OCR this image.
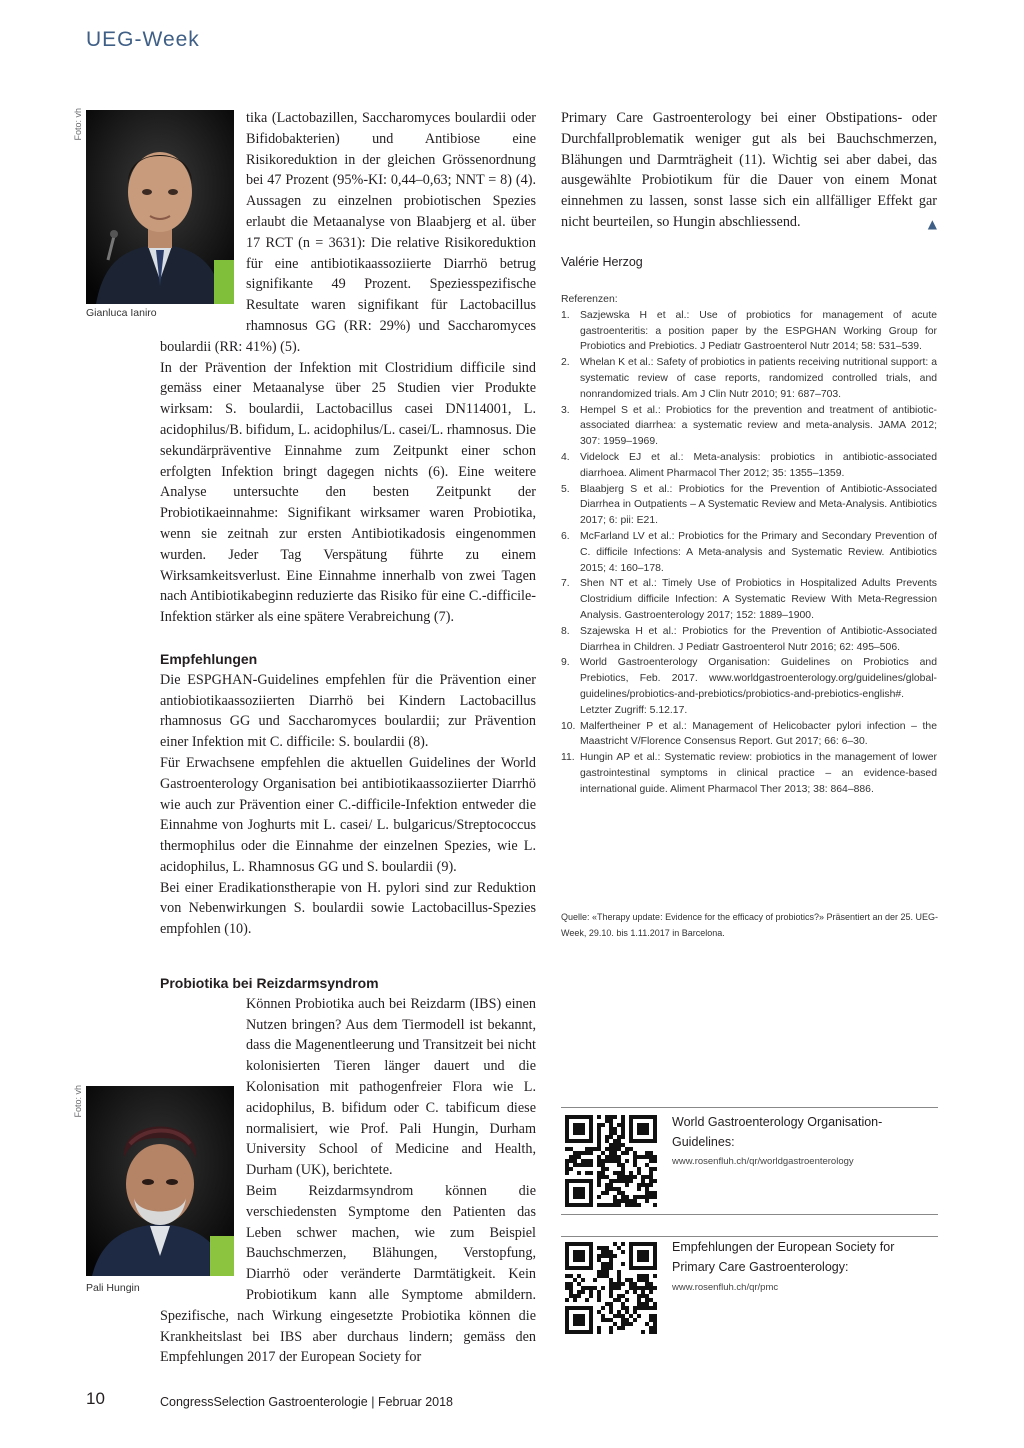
UEG-Week
Foto: vh
Gianluca Ianiro

tika (Lactobazillen, Saccharomyces boulardii oder Bifidobakterien) und Antibiose eine Risikoreduktion in der gleichen Grössenordnung bei 47 Prozent (95%-KI: 0,44–0,63; NNT = 8) (4). Aussagen zu einzelnen probiotischen Spezies erlaubt die Metaanalyse von Blaabjerg et al. über 17 RCT (n = 3631): Die relative Risikoreduktion für eine antibiotikaassoziierte Diarrhö betrug signifikante 49 Prozent. Speziesspezifische Resultate waren signifikant für Lactobacillus rhamnosus GG (RR: 29%) und Saccharomyces boulardii (RR: 41%) (5).

In der Prävention der Infektion mit Clostridium difficile sind gemäss einer Metaanalyse über 25 Studien vier Produkte wirksam: S. boulardii, Lactobacillus casei DN114001, L. acidophilus/B. bifidum, L. acidophilus/L. casei/L. rhamnosus. Die sekundärpräventive Einnahme zum Zeitpunkt einer schon erfolgten Infektion bringt dagegen nichts (6). Eine weitere Analyse untersuchte den besten Zeitpunkt der Probiotikaeinnahme: Signifikant wirksamer waren Probiotika, wenn sie zeitnah zur ersten Antibiotikadosis eingenommen wurden. Jeder Tag Verspätung führte zu einem Wirksamkeitsverlust. Eine Einnahme innerhalb von zwei Tagen nach Antibiotikabeginn reduzierte das Risiko für eine C.-difficile-Infektion stärker als eine spätere Verabreichung (7).

Empfehlungen

Die ESPGHAN-Guidelines empfehlen für die Prävention einer antiobiotikaassoziierten Diarrhö bei Kindern Lactobacillus rhamnosus GG und Saccharomyces boulardii; zur Prävention einer Infektion mit C. difficile: S. boulardii (8).

Für Erwachsene empfehlen die aktuellen Guidelines der World Gastroenterology Organisation bei antibiotikaassoziierter Diarrhö wie auch zur Prävention einer C.-difficile-Infektion entweder die Einnahme von Joghurts mit L. casei/ L. bulgaricus/Streptococcus thermophilus oder die Einnahme der einzelnen Spezies, wie L. acidophilus, L. Rhamnosus GG und S. boulardii (9).

Bei einer Eradikationstherapie von H. pylori sind zur Reduktion von Nebenwirkungen S. boulardii sowie Lactobacillus-Spezies empfohlen (10).

Foto: vh
Pali Hungin
Probiotika bei Reizdarmsyndrom

Können Probiotika auch bei Reizdarm (IBS) einen Nutzen bringen? Aus dem Tiermodell ist bekannt, dass die Magenentleerung und Transitzeit bei nicht kolonisierten Tieren länger dauert und die Kolonisation mit pathogenfreier Flora wie L. acidophilus, B. bifidum oder C. tabificum diese normalisiert, wie Prof. Pali Hungin, Durham University School of Medicine and Health, Durham (UK), berichtete.

Beim Reizdarmsyndrom können die verschiedensten Symptome den Patienten das Leben schwer machen, wie zum Beispiel Bauchschmerzen, Blähungen, Verstopfung, Diarrhö oder veränderte Darmtätigkeit. Kein Probiotikum kann alle Symptome abmildern. Spezifische, nach Wirkung eingesetzte Probiotika können die Krankheitslast bei IBS aber durchaus lindern; gemäss den Empfehlungen 2017 der European Society for

Primary Care Gastroenterology bei einer Obstipations- oder Durchfallproblematik weniger gut als bei Bauchschmerzen, Blähungen und Darmträgheit (11). Wichtig sei aber dabei, das ausgewählte Probiotikum für die Dauer von einem Monat einnehmen zu lassen, sonst lasse sich ein allfälliger Effekt gar nicht beurteilen, so Hungin abschliessend.	▲

Valérie Herzog
Referenzen:
1. Sazjewska H et al.: Use of probiotics for management of acute gastroenteritis: a position paper by the ESPGHAN Working Group for Probiotics and Prebiotics. J Pediatr Gastroenterol Nutr 2014; 58: 531–539.
2. Whelan K et al.: Safety of probiotics in patients receiving nutritional support: a systematic review of case reports, randomized controlled trials, and nonrandomized trials. Am J Clin Nutr 2010; 91: 687–703.
3. Hempel S et al.: Probiotics for the prevention and treatment of antibiotic-associated diarrhea: a systematic review and meta-analysis. JAMA 2012; 307: 1959–1969.
4. Videlock EJ et al.: Meta-analysis: probiotics in antibiotic-associated diarrhoea. Aliment Pharmacol Ther 2012; 35: 1355–1359.
5. Blaabjerg S et al.: Probiotics for the Prevention of Antibiotic-Associated Diarrhea in Outpatients – A Systematic Review and Meta-Analysis. Antibiotics 2017; 6: pii: E21.
6. McFarland LV et al.: Probiotics for the Primary and Secondary Prevention of C. difficile Infections: A Meta-analysis and Systematic Review. Antibiotics 2015; 4: 160–178.
7. Shen NT et al.: Timely Use of Probiotics in Hospitalized Adults Prevents Clostridium difficile Infection: A Systematic Review With Meta-Regression Analysis. Gastroenterology 2017; 152: 1889–1900.
8. Szajewska H et al.: Probiotics for the Prevention of Antibiotic-Associated Diarrhea in Children. J Pediatr Gastroenterol Nutr 2016; 62: 495–506.
9. World Gastroenterology Organisation: Guidelines on Probiotics and Prebiotics, Feb. 2017. www.worldgastroenterology.org/guidelines/global-guidelines/probiotics-and-prebiotics/probiotics-and-prebiotics-english#. Letzter Zugriff: 5.12.17.
10. Malfertheiner P et al.: Management of Helicobacter pylori infection – the Maastricht V/Florence Consensus Report. Gut 2017; 66: 6–30.
11. Hungin AP et al.: Systematic review: probiotics in the management of lower gastrointestinal symptoms in clinical practice – an evidence-based international guide. Aliment Pharmacol Ther 2013; 38: 864–886.
Quelle: «Therapy update: Evidence for the efficacy of probiotics?» Präsentiert an der 25. UEG-Week, 29.10. bis 1.11.2017 in Barcelona.
World Gastroenterology Organisation-Guidelines:
www.rosenfluh.ch/qr/worldgastroenterology
Empfehlungen der European Society for Primary Care Gastroenterology:
www.rosenfluh.ch/qr/pmc
10	CongressSelection Gastroenterologie | Februar 2018
